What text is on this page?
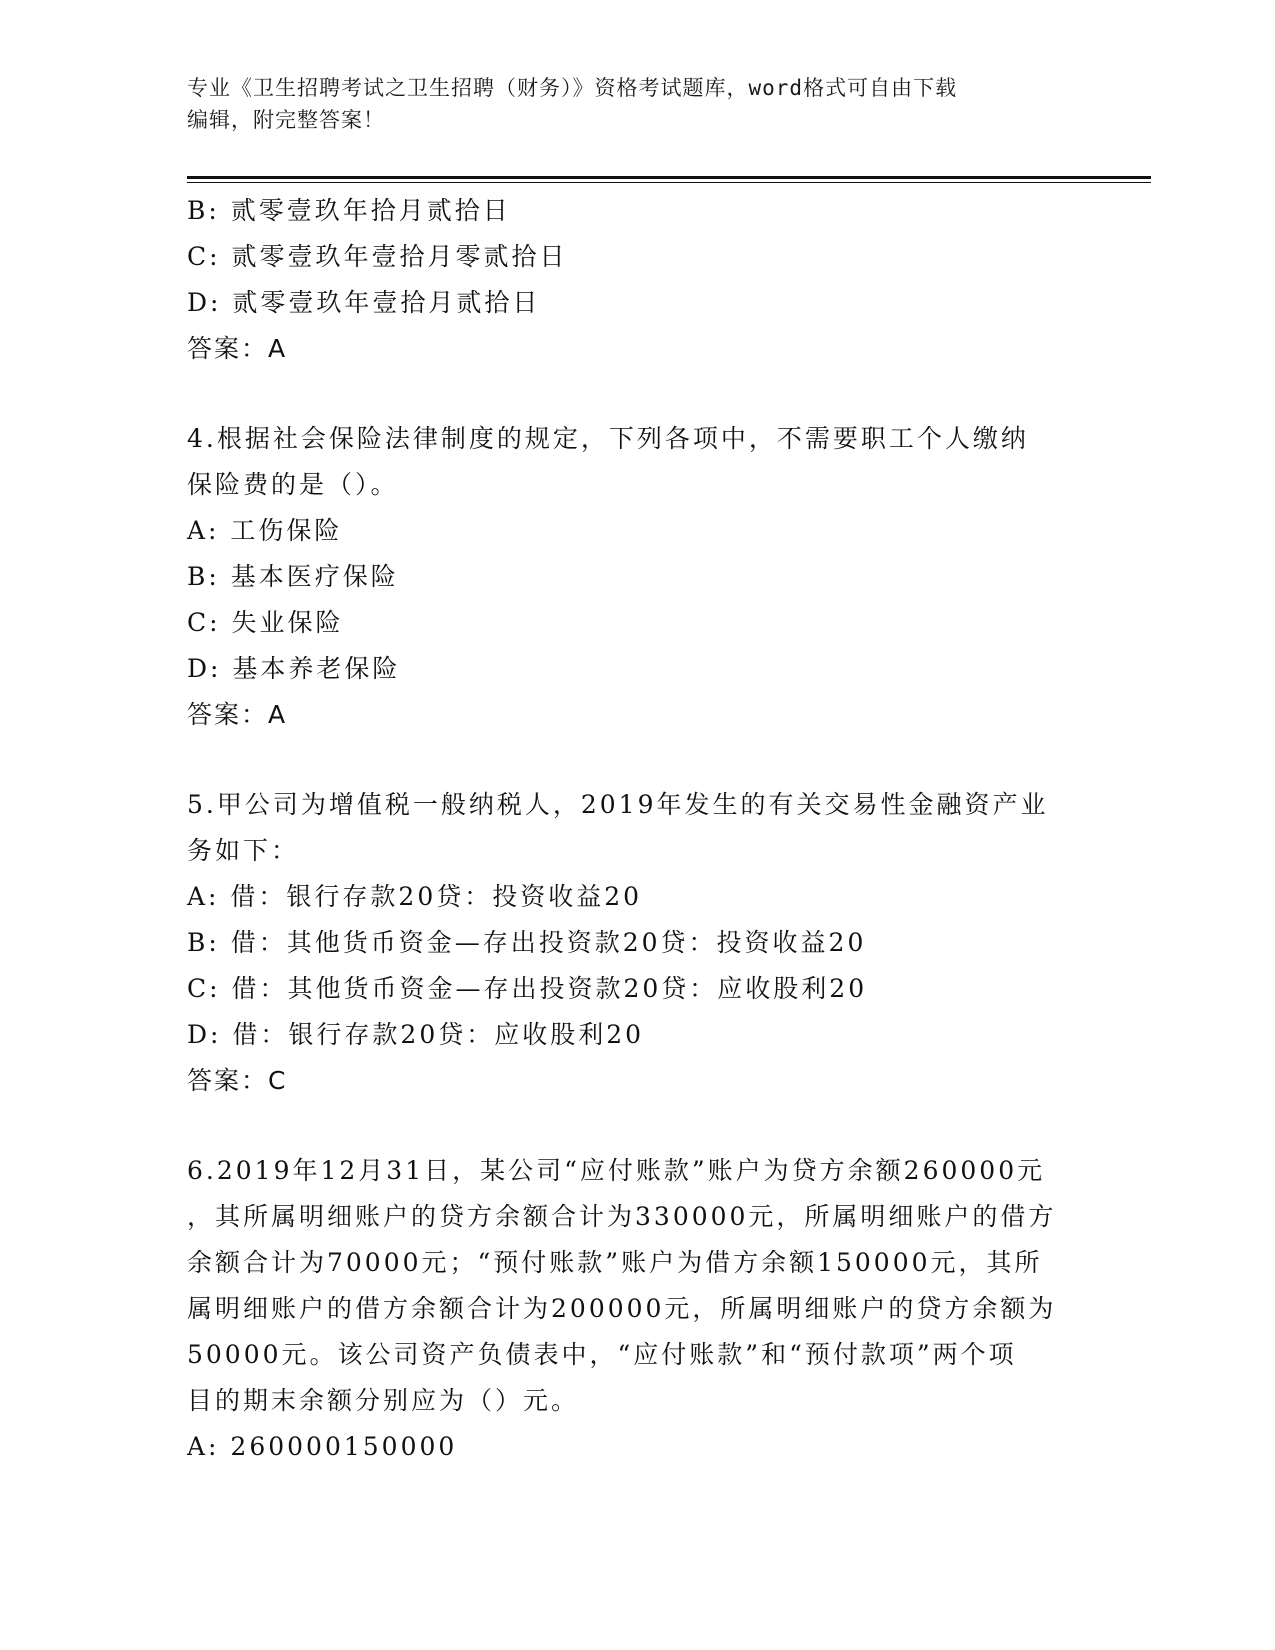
专业《卫生招聘考试之卫生招聘（财务）》资格考试题库，word格式可自由下载
编辑，附完整答案！
B: 贰零壹玖年拾月贰拾日
C: 贰零壹玖年壹拾月零贰拾日
D: 贰零壹玖年壹拾月贰拾日
答案：A
4.根据社会保险法律制度的规定，下列各项中，不需要职工个人缴纳
保险费的是（）。
A: 工伤保险
B: 基本医疗保险
C: 失业保险
D: 基本养老保险
答案：A
5.甲公司为增值税一般纳税人，2019年发生的有关交易性金融资产业
务如下：
A: 借：银行存款20贷：投资收益20
B: 借：其他货币资金—存出投资款20贷：投资收益20
C: 借：其他货币资金—存出投资款20贷：应收股利20
D: 借：银行存款20贷：应收股利20
答案：C
6.2019年12月31日，某公司“应付账款”账户为贷方余额260000元
，其所属明细账户的贷方余额合计为330000元，所属明细账户的借方
余额合计为70000元；“预付账款”账户为借方余额150000元，其所
属明细账户的借方余额合计为200000元，所属明细账户的贷方余额为
50000元。该公司资产负债表中，“应付账款”和“预付款项”两个项
目的期末余额分别应为（）元。
A: 260000150000
